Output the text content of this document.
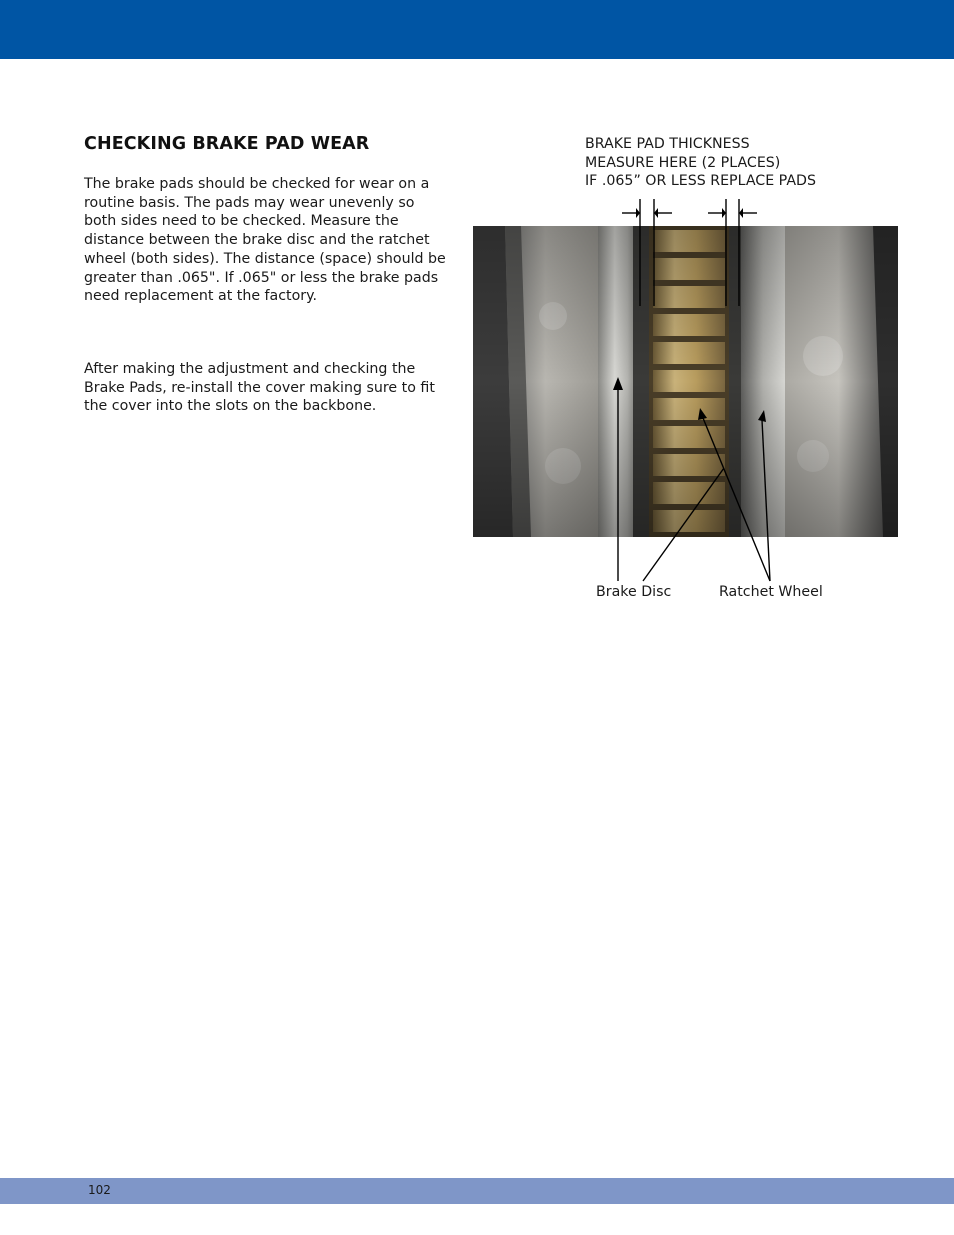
CHECKING BRAKE PAD WEAR

The brake pads should be checked for wear on a routine basis. The pads may wear unevenly so both sides need to be checked. Measure the distance between the brake disc and the ratchet wheel (both sides). The distance (space) should be greater than .065". If .065" or less the brake pads need replacement at the factory.

After making the adjustment and checking the Brake Pads, re-install the cover making sure to fit the cover into the slots on the backbone.

BRAKE PAD THICKNESS
MEASURE HERE (2 PLACES)
IF .065” OR LESS REPLACE PADS
Brake Disc	Ratchet Wheel
102
